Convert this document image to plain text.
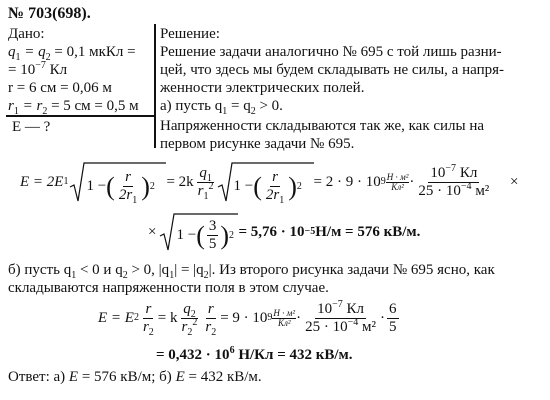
№ 703(698).
Дано:
$q_1 = q_2 = 0,1$ мкКл =
= $10^{-7}$ Кл
r = 6 см = 0,06 м
$r_1 = r_2 = 5$ см = 0,5 м
E — ?
Решение:
Решение задачи аналогично № 695 с той лишь разни-
цей, что здесь мы будем складывать не силы, а напря-
женности электрических полей.
а) пусть $q_1 = q_2 > 0$.
Напряженности складываются так же, как силы на
первом рисунке задачи № 695.
E = 2E 1 1 − ( $\frac{r}{2r_1}$ ) $2 = 2k \frac{q_1}{r_1^2} 1$ − ( $\frac{r}{2r_1}$ ) 2 = 2 · 9 · 10 $9 \frac{\text{Н · м²}}{\text{Кл²}} \cdot \frac{10^{-7} Кл}{25 \cdot 10^{-4} м^2}$ ×
× 1 − ( $\frac{3}{5}$ ) 2 = 5,76 · 10 −5 Н/м = 576 кВ/м.
б) пусть $q_1 < 0$ и $q_2 > 0$, $|q_1| = |q_2|$. Из второго рисунка задачи № 695 ясно, как
складываются напряженности поля в этом случае.
E = E $2 \frac{r}{r_2} = k \frac{q_2}{r_2^2} \frac{r}{r_2} = 9 \cdot 10$ $9 \frac{\text{Н · м²}}{\text{Кл²}} \cdot \frac{10^{-7} Кл}{25 \cdot 10^{-4} м^2} \cdot \frac{6}{5}$
= $0,432 \cdot 10^6$ Н/Кл = 432 кВ/м.
Ответ: а) E = 576 кВ/м; б) E = 432 кВ/м.
